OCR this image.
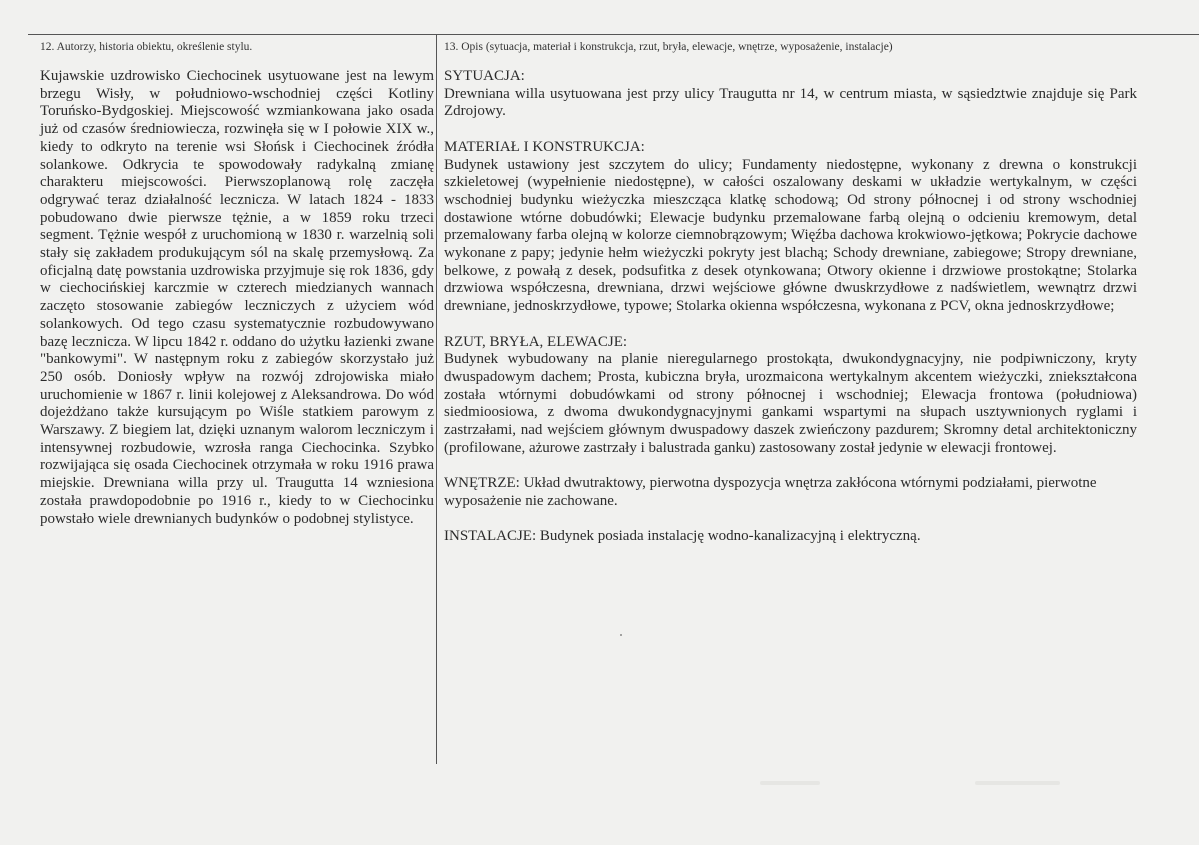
12. Autorzy, historia obiektu, określenie stylu.	13. Opis (sytuacja, materiał i konstrukcja, rzut, bryła, elewacje, wnętrze, wyposażenie, instalacje)

Kujawskie uzdrowisko Ciechocinek usytuowane jest na lewym brzegu Wisły, w południowo-wschodniej części Kotliny Toruńsko-Bydgoskiej. Miejscowość wzmiankowana jako osada już od czasów średniowiecza, rozwinęła się w I połowie XIX w., kiedy to odkryto na terenie wsi Słońsk i Ciechocinek źródła solankowe. Odkrycia te spowodowały radykalną zmianę charakteru miejscowości. Pierwszoplanową rolę zaczęła odgrywać teraz działalność lecznicza. W latach 1824 - 1833 pobudowano dwie pierwsze tężnie, a w 1859 roku trzeci segment. Tężnie wespół z uruchomioną w 1830 r. warzelnią soli stały się zakładem produkującym sól na skalę przemysłową. Za oficjalną datę powstania uzdrowiska przyjmuje się rok 1836, gdy w ciechocińskiej karczmie w czterech miedzianych wannach zaczęto stosowanie zabiegów leczniczych z użyciem wód solankowych. Od tego czasu systematycznie rozbudowywano bazę lecznicza. W lipcu 1842 r. oddano do użytku łazienki zwane "bankowymi". W następnym roku z zabiegów skorzystało już 250 osób. Doniosły wpływ na rozwój zdrojowiska miało uruchomienie w 1867 r. linii kolejowej z Aleksandrowa. Do wód dojeżdżano także kursującym po Wiśle statkiem parowym z Warszawy. Z biegiem lat, dzięki uznanym walorom leczniczym i intensywnej rozbudowie, wzrosła ranga Ciechocinka. Szybko rozwijająca się osada Ciechocinek otrzymała w roku 1916 prawa miejskie. Drewniana willa przy ul. Traugutta 14 wzniesiona została prawdopodobnie po 1916 r., kiedy to w Ciechocinku powstało wiele drewnianych budynków o podobnej stylistyce.

SYTUACJA:
Drewniana willa usytuowana jest przy ulicy Traugutta nr 14, w centrum miasta, w sąsiedztwie znajduje się Park Zdrojowy.
MATERIAŁ I KONSTRUKCJA:
Budynek ustawiony jest szczytem do ulicy; Fundamenty niedostępne, wykonany z drewna o konstrukcji szkieletowej (wypełnienie niedostępne), w całości oszalowany deskami w układzie wertykalnym, w części wschodniej budynku wieżyczka mieszcząca klatkę schodową; Od strony północnej i od strony wschodniej dostawione wtórne dobudówki; Elewacje budynku przemalowane farbą olejną o odcieniu kremowym, detal przemalowany farba olejną w kolorze ciemnobrązowym; Więźba dachowa krokwiowo-jętkowa; Pokrycie dachowe wykonane z papy; jedynie hełm wieżyczki pokryty jest blachą; Schody drewniane, zabiegowe; Stropy drewniane, belkowe, z powałą z desek, podsufitka z desek otynkowana; Otwory okienne i drzwiowe prostokątne; Stolarka drzwiowa współczesna, drewniana, drzwi wejściowe główne dwuskrzydłowe z nadświetlem, wewnątrz drzwi drewniane, jednoskrzydłowe, typowe; Stolarka okienna współczesna, wykonana z PCV, okna jednoskrzydłowe;
RZUT, BRYŁA, ELEWACJE:
Budynek wybudowany na planie nieregularnego prostokąta, dwukondygnacyjny, nie podpiwniczony, kryty dwuspadowym dachem; Prosta, kubiczna bryła, urozmaicona wertykalnym akcentem wieżyczki, zniekształcona została wtórnymi dobudówkami od strony północnej i wschodniej; Elewacja frontowa (południowa) siedmioosiowa, z dwoma dwukondygnacyjnymi gankami wspartymi na słupach usztywnionych ryglami i zastrzałami, nad wejściem głównym dwuspadowy daszek zwieńczony pazdurem; Skromny detal architektoniczny (profilowane, ażurowe zastrzały i balustrada ganku) zastosowany został jedynie w elewacji frontowej.
WNĘTRZE: Układ dwutraktowy, pierwotna dyspozycja wnętrza zakłócona wtórnymi podziałami, pierwotne wyposażenie nie zachowane.
INSTALACJE: Budynek posiada instalację wodno-kanalizacyjną i elektryczną.
